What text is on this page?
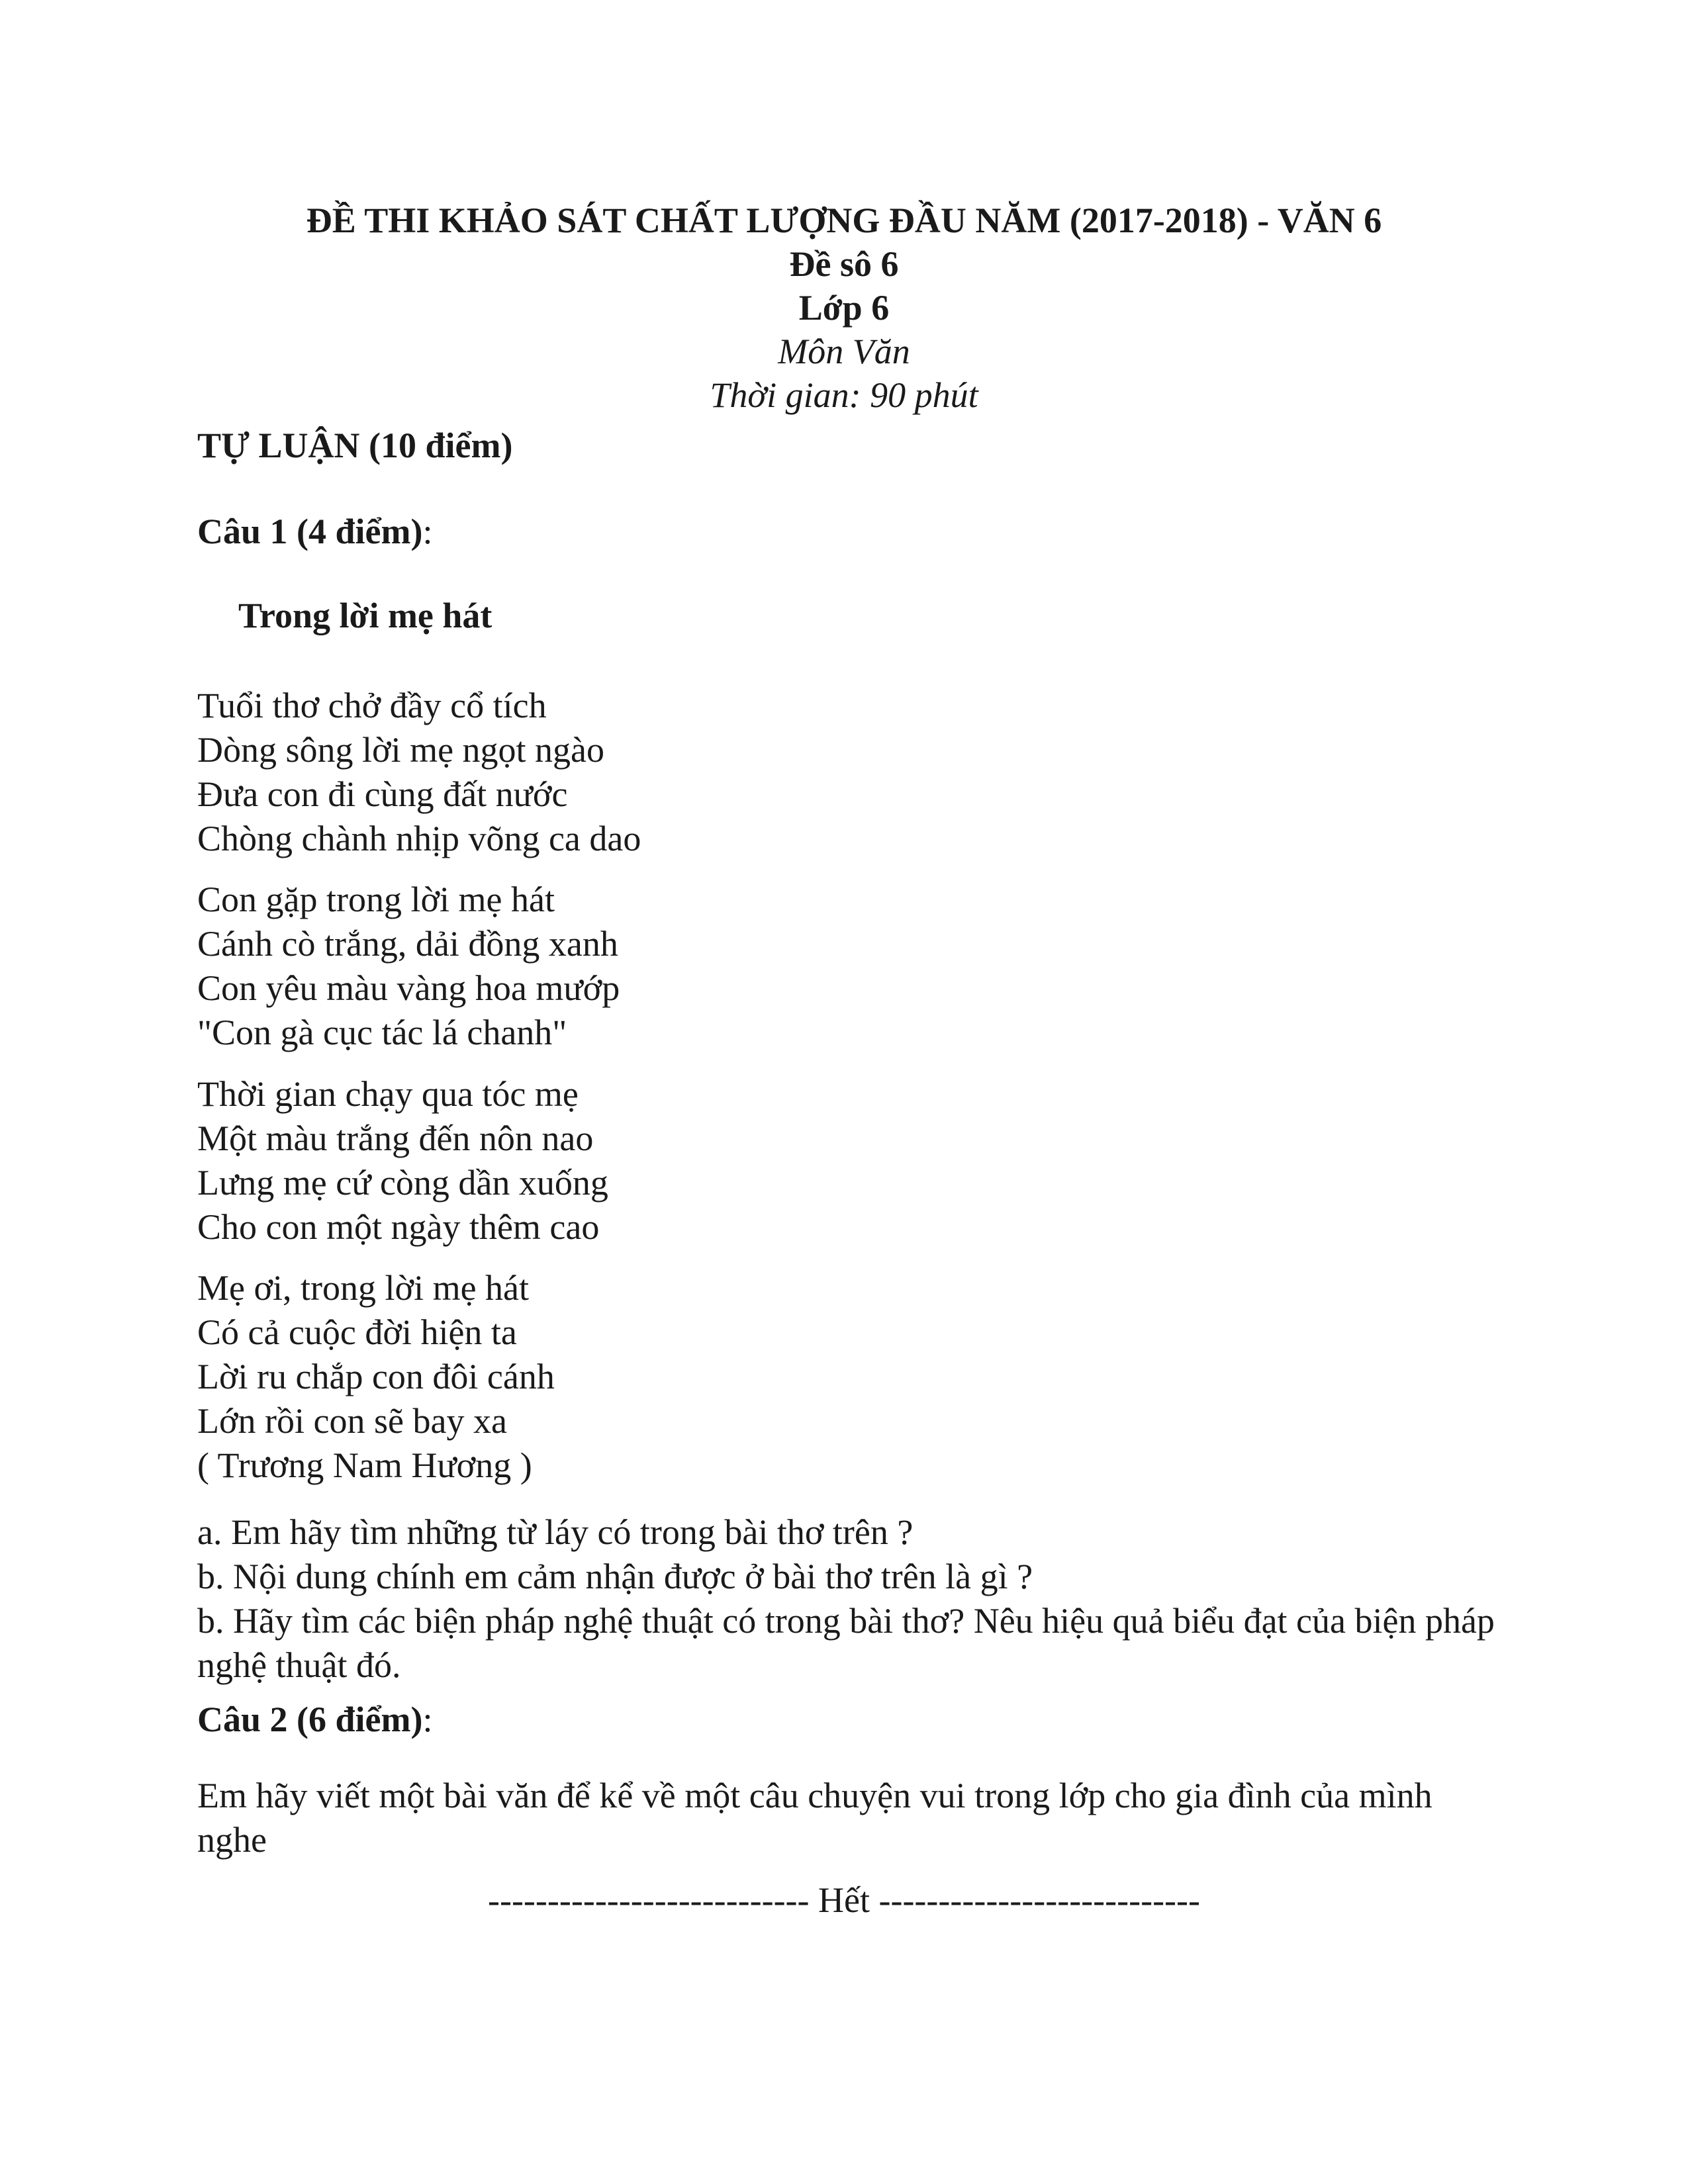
ĐỀ THI KHẢO SÁT CHẤT LƯỢNG ĐẦU NĂM (2017-2018) - VĂN 6
Đề sô 6
Lớp 6
Môn Văn
Thời gian: 90 phút
TỰ LUẬN (10 điểm)
Câu 1 (4 điểm):
Trong lời mẹ hát
Tuổi thơ chở đầy cổ tích
Dòng sông lời mẹ ngọt ngào
Đưa con đi cùng đất nước
Chòng chành nhịp võng ca dao
Con gặp trong lời mẹ hát
Cánh cò trắng, dải đồng xanh
Con yêu màu vàng hoa mướp
"Con gà cục tác lá chanh"
Thời gian chạy qua tóc mẹ
Một màu trắng đến nôn nao
Lưng mẹ cứ còng dần xuống
Cho con một ngày thêm cao
Mẹ ơi, trong lời mẹ hát
Có cả cuộc đời hiện ta
Lời ru chắp con đôi cánh
Lớn rồi con sẽ bay xa
( Trương Nam Hương )
a. Em hãy tìm những từ láy có trong bài thơ trên ?
b. Nội dung chính em cảm nhận được ở bài thơ trên là gì ?
b. Hãy tìm các biện pháp nghệ thuật có trong bài thơ? Nêu hiệu quả biểu đạt của biện pháp nghệ thuật đó.
Câu 2 (6 điểm):
Em hãy viết một bài văn để kể về một câu chuyện vui trong lớp cho gia đình của mình nghe
--------------------------- Hết ---------------------------
